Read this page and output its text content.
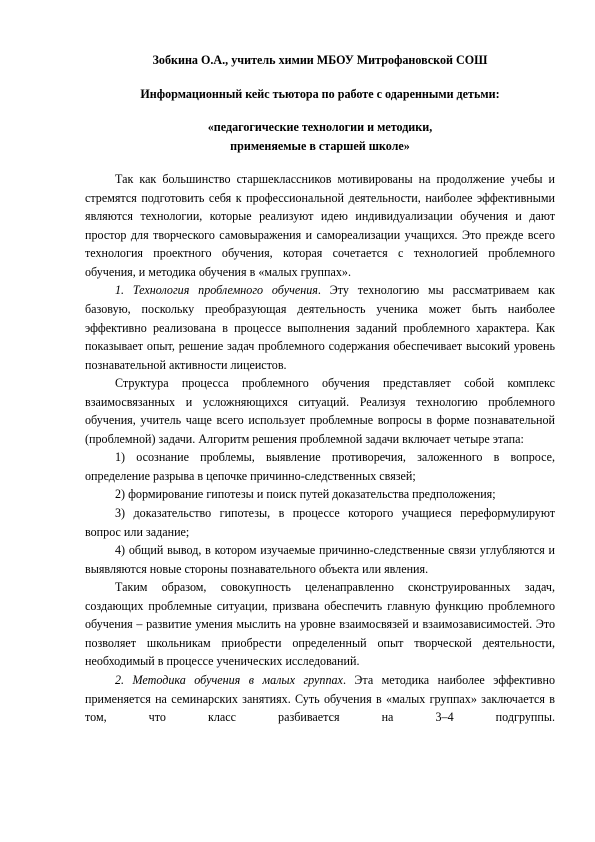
Зобкина О.А., учитель химии МБОУ Митрофановской СОШ

Информационный кейс тьютора по работе с одаренными детьми:

«педагогические технологии и методики,
применяемые в старшей школе»

Так как большинство старшеклассников мотивированы на продолжение учебы и стремятся подготовить себя к профессиональной деятельности, наиболее эффективными являются технологии, которые реализуют идею индивидуализации обучения и дают простор для творческого самовыражения и самореализации учащихся. Это прежде всего технология проектного обучения, которая сочетается с технологией проблемного обучения, и методика обучения в «малых группах».

1. Технология проблемного обучения. Эту технологию мы рассматриваем как базовую, поскольку преобразующая деятельность ученика может быть наиболее эффективно реализована в процессе выполнения заданий проблемного характера. Как показывает опыт, решение задач проблемного содержания обеспечивает высокий уровень познавательной активности лицеистов.

Структура процесса проблемного обучения представляет собой комплекс взаимосвязанных и усложняющихся ситуаций. Реализуя технологию проблемного обучения, учитель чаще всего использует проблемные вопросы в форме познавательной (проблемной) задачи. Алгоритм решения проблемной задачи включает четыре этапа:

1) осознание проблемы, выявление противоречия, заложенного в вопросе, определение разрыва в цепочке причинно-следственных связей;

2) формирование гипотезы и поиск путей доказательства предположения;

3) доказательство гипотезы, в процессе которого учащиеся переформулируют вопрос или задание;

4) общий вывод, в котором изучаемые причинно-следственные связи углубляются и выявляются новые стороны познавательного объекта или явления.

Таким образом, совокупность целенаправленно сконструированных задач, создающих проблемные ситуации, призвана обеспечить главную функцию проблемного обучения – развитие умения мыслить на уровне взаимосвязей и взаимозависимостей. Это позволяет школьникам приобрести определенный опыт творческой деятельности, необходимый в процессе ученических исследований.

2. Методика обучения в малых группах. Эта методика наиболее эффективно применяется на семинарских занятиях. Суть обучения в «малых группах» заключается в том, что класс разбивается на 3–4 подгруппы.
